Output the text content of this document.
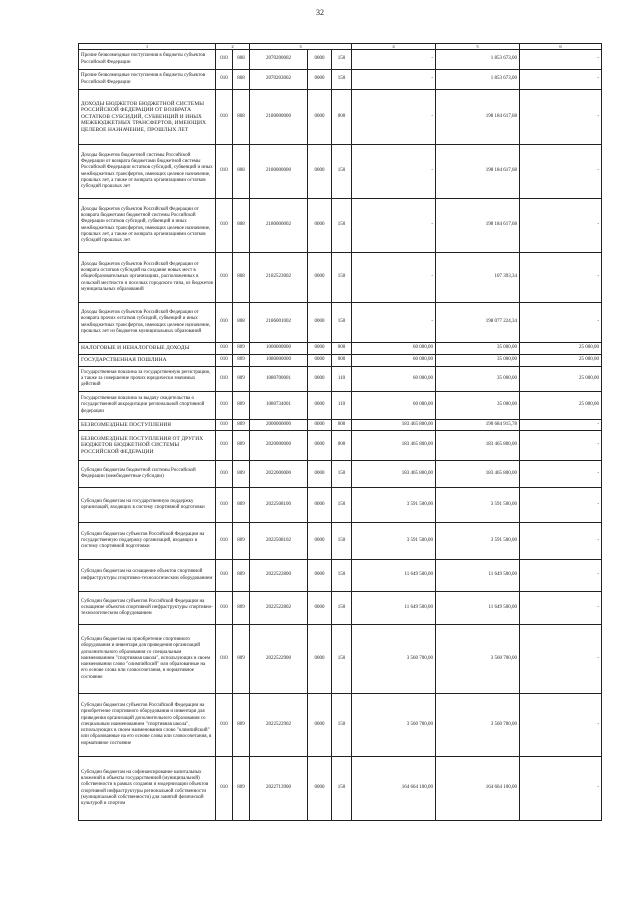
32
1	2		3			4	5	6
Прочие безвозмездные поступления в бюджеты субъектов Российской Федерации	010	808	2070200002	0000	150	-	1 853 673,00	-
Прочие безвозмездные поступления в бюджеты субъектов Российской Федерации	010	808	2070203002	0000	150	-	1 853 673,00	-
ДОХОДЫ БЮДЖЕТОВ БЮДЖЕТНОЙ СИСТЕМЫ РОССИЙСКОЙ ФЕДЕРАЦИИ ОТ ВОЗВРАТА ОСТАТКОВ СУБСИДИЙ, СУБВЕНЦИЙ И ИНЫХ МЕЖБЮДЖЕТНЫХ ТРАНСФЕРТОВ, ИМЕЮЩИХ ЦЕЛЕВОЕ НАЗНАЧЕНИЕ, ПРОШЛЫХ ЛЕТ	010	808	2180000000	0000	000	-	198 184 617,68	-
Доходы бюджетов бюджетной системы Российской Федерации от возврата бюджетами бюджетной системы Российской Федерации остатков субсидий, субвенций и иных межбюджетных трансфертов, имеющих целевое назначение, прошлых лет, а также от возврата организациями остатков субсидий прошлых лет	010	808	2180000000	0000	150	-	198 184 617,68	-
Доходы бюджетов субъектов Российской Федерации от возврата бюджетами бюджетной системы Российской Федерации остатков субсидий, субвенций и иных межбюджетных трансфертов, имеющих целевое назначение, прошлых лет, а также от возврата организациями остатков субсидий прошлых лет	010	808	2180000002	0000	150	-	198 184 617,68	-
Доходы бюджетов субъектов Российской Федерации от возврата остатков субсидий на создание новых мест в общеобразовательных организациях, расположенных в сельской местности и поселках городского типа, из бюджетов муниципальных образований	010	808	2182523002	0000	150	-	107 393,34	-
Доходы бюджетов субъектов Российской Федерации от возврата прочих остатков субсидий, субвенций и иных межбюджетных трансфертов, имеющих целевое назначение, прошлых лет из бюджетов муниципальных образований	010	808	2186001002	0000	150	-	198 077 224,34	-
НАЛОГОВЫЕ И НЕНАЛОГОВЫЕ ДОХОДЫ	010	809	1000000000	0000	000	60 000,00	35 000,00	25 000,00
ГОСУДАРСТВЕННАЯ ПОШЛИНА	010	809	1080000000	0000	000	60 000,00	35 000,00	25 000,00
Государственная пошлина за государственную регистрацию, а также за совершение прочих юридически значимых действий	010	809	1080700001	0000	110	60 000,00	35 000,00	25 000,00
Государственная пошлина за выдачу свидетельства о государственной аккредитации региональной спортивной федерации	010	809	1080734001	0000	110	60 000,00	35 000,00	25 000,00
БЕЗВОЗМЕЗДНЫЕ ПОСТУПЛЕНИЯ	010	809	2000000000	0000	000	183 465 800,00	190 684 915,78	-
БЕЗВОЗМЕЗДНЫЕ ПОСТУПЛЕНИЯ ОТ ДРУГИХ БЮДЖЕТОВ БЮДЖЕТНОЙ СИСТЕМЫ РОССИЙСКОЙ ФЕДЕРАЦИИ	010	809	2020000000	0000	000	183 465 800,00	183 465 800,00	-
Субсидии бюджетам бюджетной системы Российской Федерации (межбюджетные субсидии)	010	809	2022000000	0000	150	183 465 800,00	183 465 800,00	-
Субсидии бюджетам на государственную поддержку организаций, входящих в систему спортивной подготовки	010	809	2022508100	0000	150	3 591 500,00	3 591 500,00	-
Субсидии бюджетам субъектов Российской Федерации на государственную поддержку организаций, входящих в систему спортивной подготовки	010	809	2022508102	0000	150	3 591 500,00	3 591 500,00	-
Субсидии бюджетам на оснащение объектов спортивной инфраструктуры спортивно-технологическим оборудованием	010	809	2022522800	0000	150	11 649 500,00	11 649 500,00	-
Субсидии бюджетам субъектов Российской Федерации на оснащение объектов спортивной инфраструктуры спортивно-технологическим оборудованием	010	809	2022522802	0000	150	11 649 500,00	11 649 500,00	-
Субсидии бюджетам на приобретение спортивного оборудования и инвентаря для приведения организаций дополнительного образования со специальным наименованием "спортивная школа", использующих в своем наименовании слово "олимпийский" или образованные на его основе слова или словосочетания, в нормативное состояние	010	809	2022522900	0000	150	3 560 700,00	3 560 700,00	-
Субсидии бюджетам субъектов Российской Федерации на приобретение спортивного оборудования и инвентаря для приведения организаций дополнительного образования со специальным наименованием "спортивная школа", использующих в своем наименовании слово "олимпийский" или образованные на его основе слова или словосочетания, в нормативное состояние	010	809	2022522902	0000	150	3 560 700,00	3 560 700,00	-
Субсидии бюджетам на софинансирование капитальных вложений в объекты государственной (муниципальной) собственности в рамках создания и модернизации объектов спортивной инфраструктуры региональной собственности (муниципальной собственности) для занятий физической культурой и спортом	010	809	2022713900	0000	150	164 664 100,00	164 664 100,00	-
